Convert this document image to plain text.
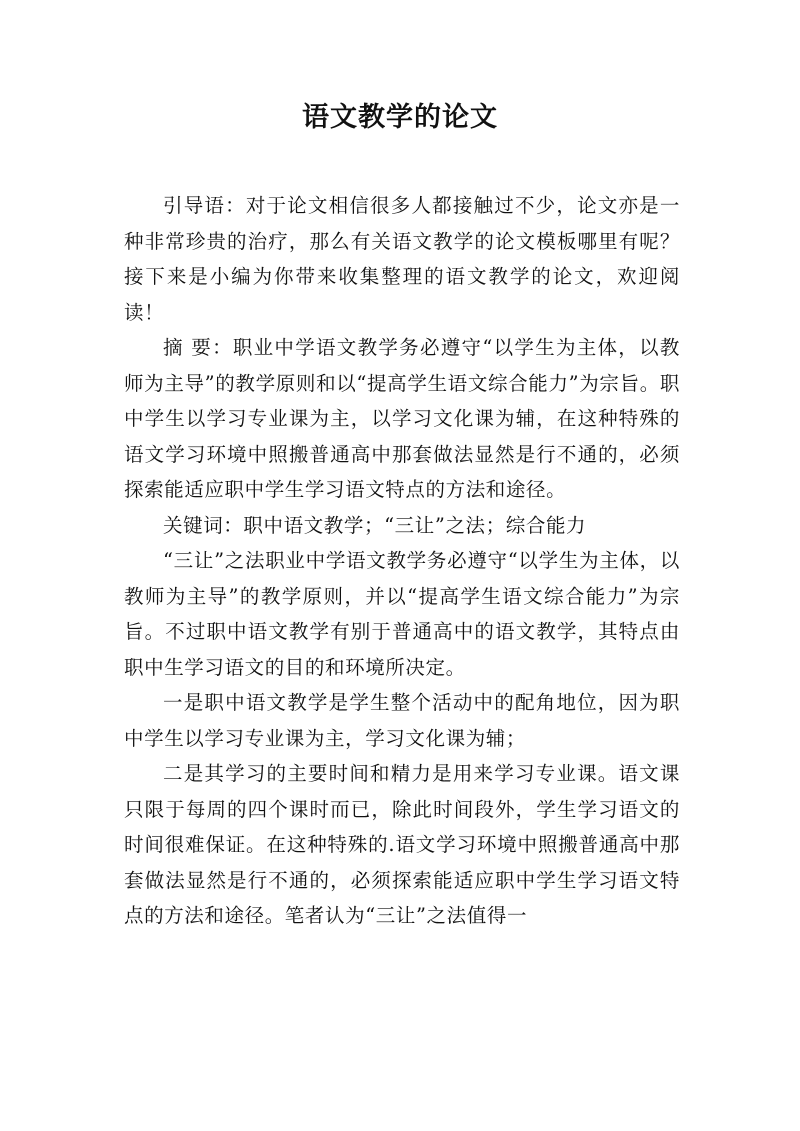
语文教学的论文

引导语：对于论文相信很多人都接触过不少，论文亦是一种非常珍贵的治疗，那么有关语文教学的论文模板哪里有呢？接下来是小编为你带来收集整理的语文教学的论文，欢迎阅读！

摘 要：职业中学语文教学务必遵守“以学生为主体，以教师为主导”的教学原则和以“提高学生语文综合能力”为宗旨。职中学生以学习专业课为主，以学习文化课为辅，在这种特殊的语文学习环境中照搬普通高中那套做法显然是行不通的，必须探索能适应职中学生学习语文特点的方法和途径。

关键词：职中语文教学；“三让”之法；综合能力

“三让”之法职业中学语文教学务必遵守“以学生为主体，以教师为主导”的教学原则，并以“提高学生语文综合能力”为宗旨。不过职中语文教学有别于普通高中的语文教学，其特点由职中生学习语文的目的和环境所决定。

一是职中语文教学是学生整个活动中的配角地位，因为职中学生以学习专业课为主，学习文化课为辅；

二是其学习的主要时间和精力是用来学习专业课。语文课只限于每周的四个课时而已，除此时间段外，学生学习语文的时间很难保证。在这种特殊的.语文学习环境中照搬普通高中那套做法显然是行不通的，必须探索能适应职中学生学习语文特点的方法和途径。笔者认为“三让”之法值得一
